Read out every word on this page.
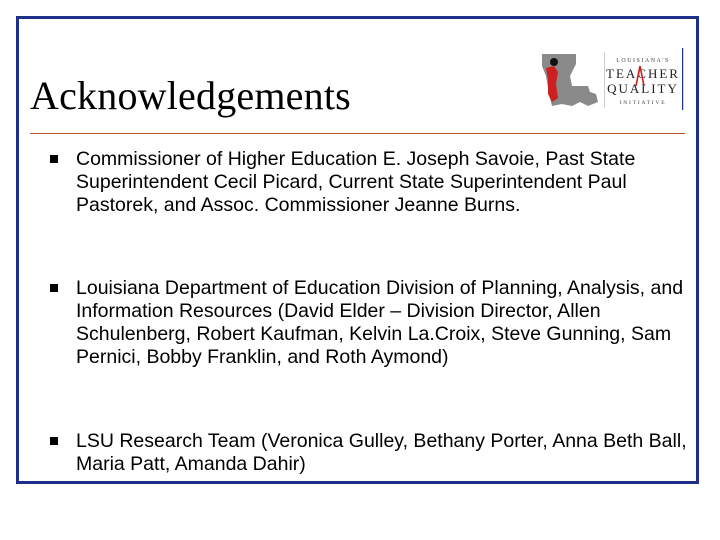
Acknowledgements
LOUISIANA'S
TEACHER
QUALITY
INITIATIVE
Commissioner of Higher Education E. Joseph Savoie, Past State Superintendent Cecil Picard, Current State Superintendent Paul Pastorek, and Assoc. Commissioner Jeanne Burns.
Louisiana Department of Education Division of Planning, Analysis, and Information Resources (David Elder – Division Director, Allen Schulenberg, Robert Kaufman, Kelvin La.Croix, Steve Gunning, Sam Pernici, Bobby Franklin, and Roth Aymond)
LSU Research Team (Veronica Gulley, Bethany Porter, Anna Beth Ball, Maria Patt, Amanda Dahir)
